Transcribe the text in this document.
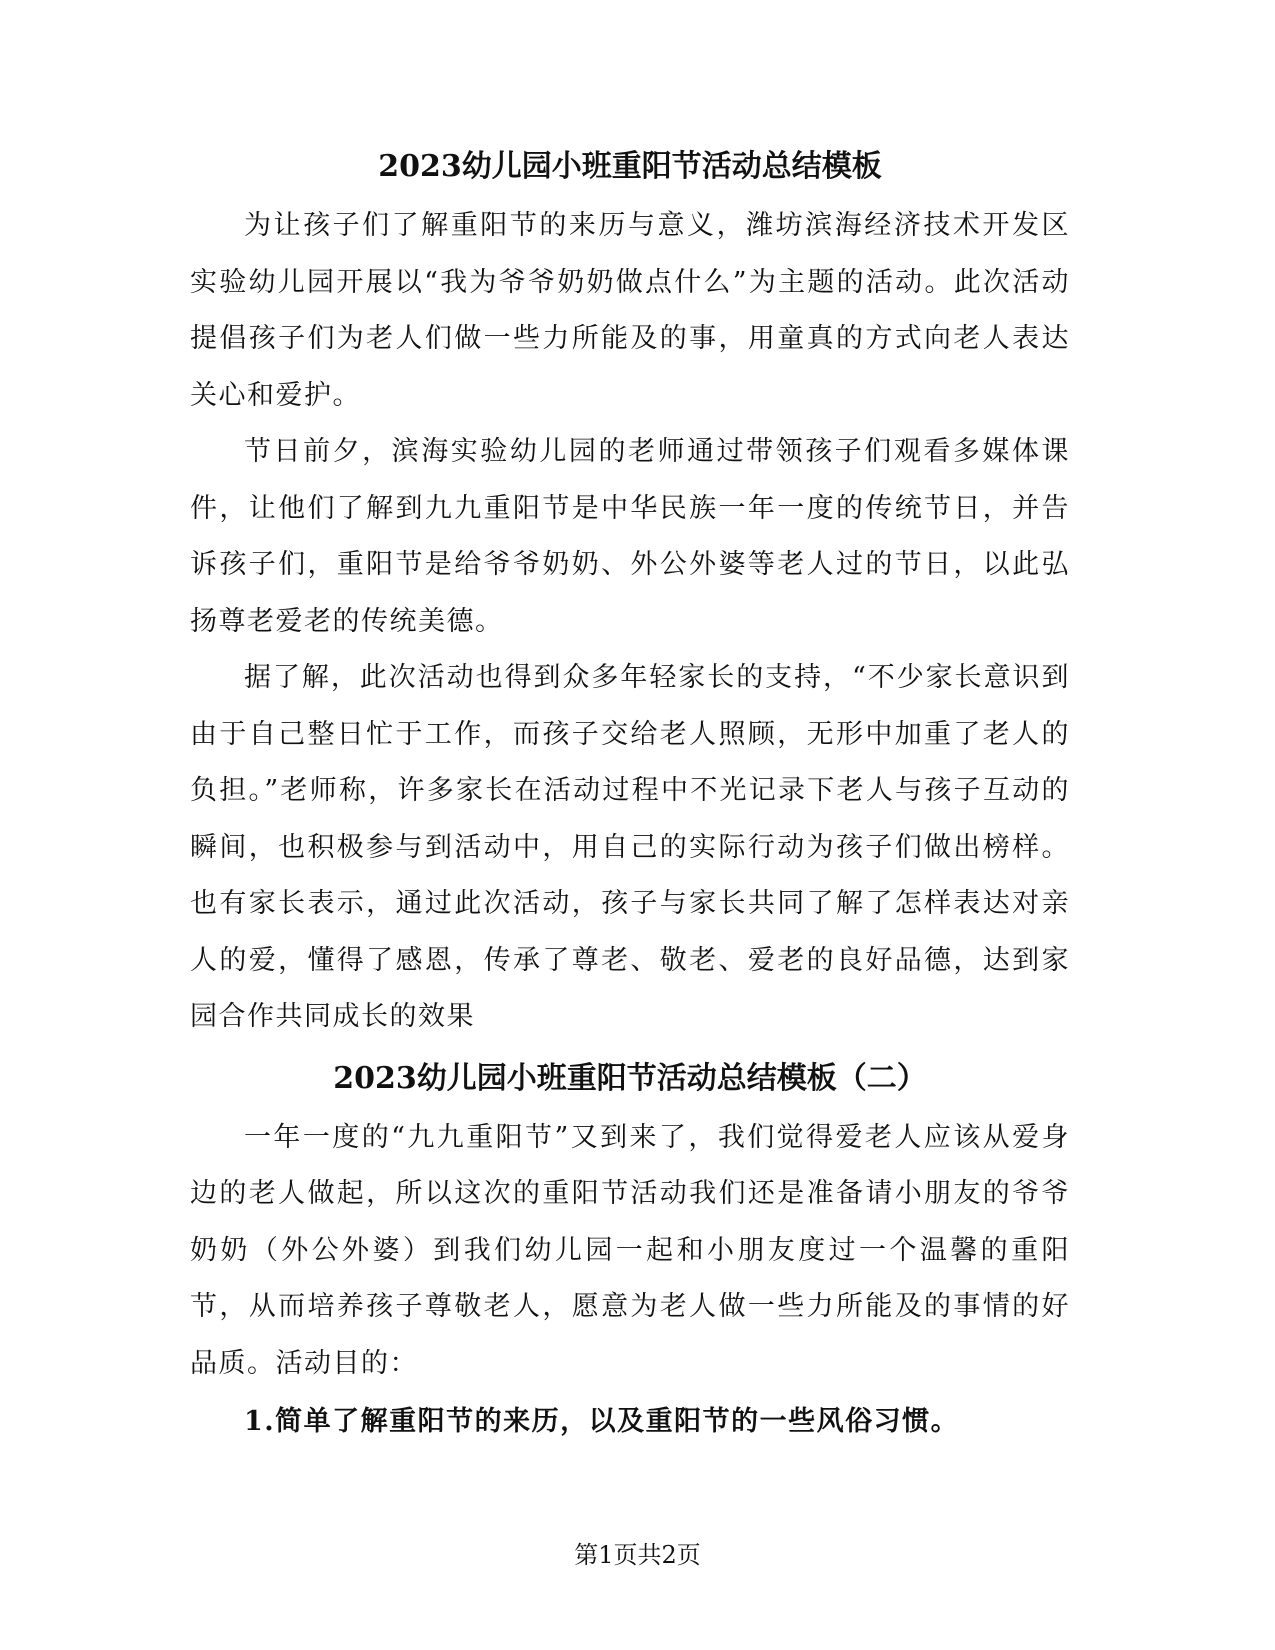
2023幼儿园小班重阳节活动总结模板

为让孩子们了解重阳节的来历与意义，潍坊滨海经济技术开发区实验幼儿园开展以“我为爷爷奶奶做点什么”为主题的活动。此次活动提倡孩子们为老人们做一些力所能及的事，用童真的方式向老人表达关心和爱护。

节日前夕，滨海实验幼儿园的老师通过带领孩子们观看多媒体课件，让他们了解到九九重阳节是中华民族一年一度的传统节日，并告诉孩子们，重阳节是给爷爷奶奶、外公外婆等老人过的节日，以此弘扬尊老爱老的传统美德。

据了解，此次活动也得到众多年轻家长的支持，“不少家长意识到由于自己整日忙于工作，而孩子交给老人照顾，无形中加重了老人的负担。”老师称，许多家长在活动过程中不光记录下老人与孩子互动的瞬间，也积极参与到活动中，用自己的实际行动为孩子们做出榜样。也有家长表示，通过此次活动，孩子与家长共同了解了怎样表达对亲人的爱，懂得了感恩，传承了尊老、敬老、爱老的良好品德，达到家园合作共同成长的效果

2023幼儿园小班重阳节活动总结模板（二）

一年一度的“九九重阳节”又到来了，我们觉得爱老人应该从爱身边的老人做起，所以这次的重阳节活动我们还是准备请小朋友的爷爷奶奶（外公外婆）到我们幼儿园一起和小朋友度过一个温馨的重阳节，从而培养孩子尊敬老人，愿意为老人做一些力所能及的事情的好品质。活动目的：

1.简单了解重阳节的来历，以及重阳节的一些风俗习惯。

第1页共2页
